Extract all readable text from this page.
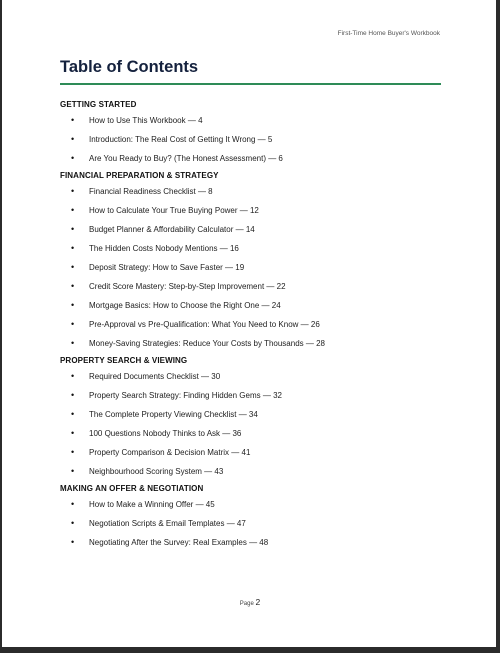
First-Time Home Buyer's Workbook
Table of Contents
GETTING STARTED
• How to Use This Workbook — 4
• Introduction: The Real Cost of Getting It Wrong — 5
• Are You Ready to Buy? (The Honest Assessment) — 6
FINANCIAL PREPARATION & STRATEGY
• Financial Readiness Checklist — 8
• How to Calculate Your True Buying Power — 12
• Budget Planner & Affordability Calculator — 14
• The Hidden Costs Nobody Mentions — 16
• Deposit Strategy: How to Save Faster — 19
• Credit Score Mastery: Step-by-Step Improvement — 22
• Mortgage Basics: How to Choose the Right One — 24
• Pre-Approval vs Pre-Qualification: What You Need to Know — 26
• Money-Saving Strategies: Reduce Your Costs by Thousands — 28
PROPERTY SEARCH & VIEWING
• Required Documents Checklist — 30
• Property Search Strategy: Finding Hidden Gems — 32
• The Complete Property Viewing Checklist — 34
• 100 Questions Nobody Thinks to Ask — 36
• Property Comparison & Decision Matrix — 41
• Neighbourhood Scoring System — 43
MAKING AN OFFER & NEGOTIATION
• How to Make a Winning Offer — 45
• Negotiation Scripts & Email Templates — 47
• Negotiating After the Survey: Real Examples — 48
Page 2
